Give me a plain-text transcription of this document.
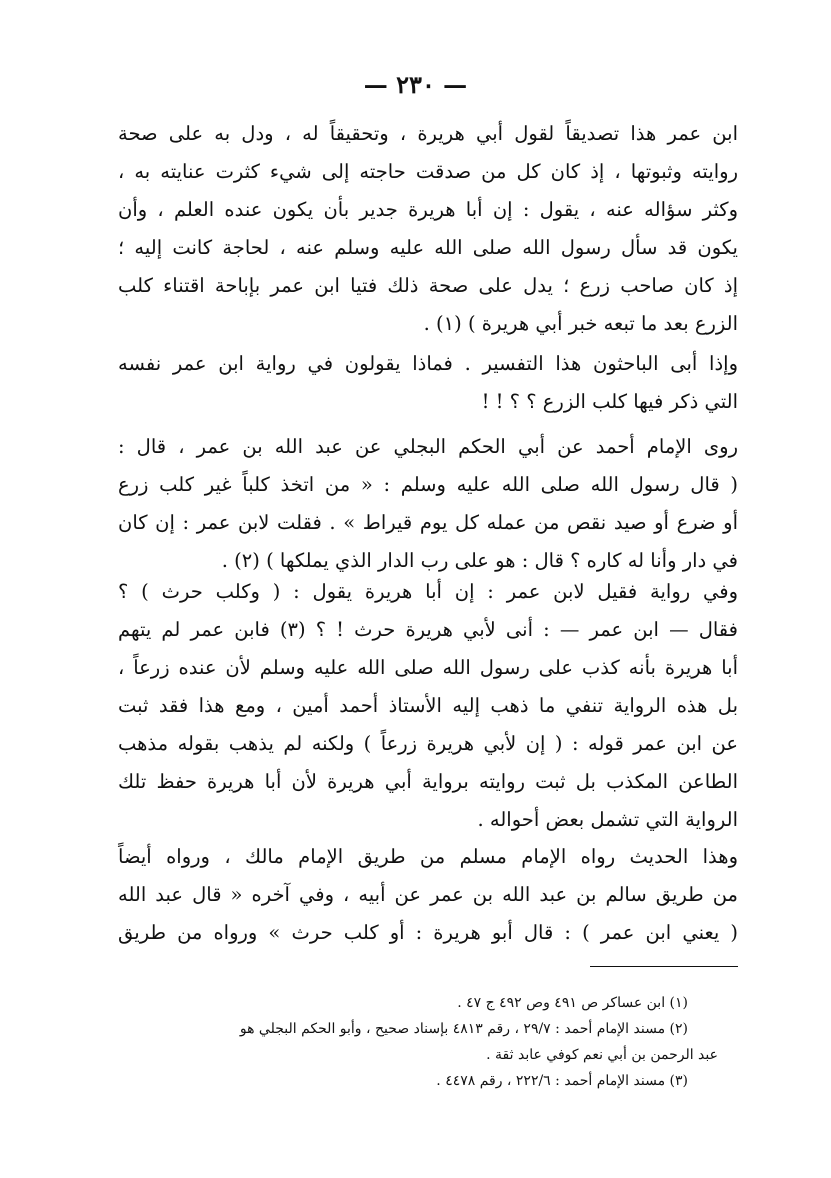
— ٢٣٠ —
ابن عمر هذا تصديقاً لقول أبي هريرة ، وتحقيقاً له ، ودل به على صحة
روايته وثبوتها ، إذ كان كل من صدقت حاجته إلى شيء كثرت عنايته به ،
وكثر سؤاله عنه ، يقول : إن أبا هريرة جدير بأن يكون عنده العلم ، وأن
يكون قد سأل رسول الله صلى الله عليه وسلم عنه ، لحاجة كانت إليه ؛
إذ كان صاحب زرع ؛ يدل على صحة ذلك فتيا ابن عمر بإباحة اقتناء كلب
الزرع بعد ما تبعه خبر أبي هريرة ) (١) .
وإذا أبى الباحثون هذا التفسير . فماذا يقولون في رواية ابن عمر نفسه
التي ذكر فيها كلب الزرع ؟ ؟ ! !
روى الإمام أحمد عن أبي الحكم البجلي عن عبد الله بن عمر ، قال :
( قال رسول الله صلى الله عليه وسلم : « من اتخذ كلباً غير كلب زرع
أو ضرع أو صيد نقص من عمله كل يوم قيراط » . فقلت لابن عمر : إن كان
في دار وأنا له كاره ؟ قال : هو على رب الدار الذي يملكها ) (٢) .
وفي رواية فقيل لابن عمر : إن أبا هريرة يقول : ( وكلب حرث ) ؟
فقال — ابن عمر — : أنى لأبي هريرة حرث ! ؟ (٣) فابن عمر لم يتهم
أبا هريرة بأنه كذب على رسول الله صلى الله عليه وسلم لأن عنده زرعاً ،
بل هذه الرواية تنفي ما ذهب إليه الأستاذ أحمد أمين ، ومع هذا فقد ثبت
عن ابن عمر قوله : ( إن لأبي هريرة زرعاً ) ولكنه لم يذهب بقوله مذهب
الطاعن المكذب بل ثبت روايته برواية أبي هريرة لأن أبا هريرة حفظ تلك
الرواية التي تشمل بعض أحواله .
وهذا الحديث رواه الإمام مسلم من طريق الإمام مالك ، ورواه أيضاً
من طريق سالم بن عبد الله بن عمر عن أبيه ، وفي آخره « قال عبد الله
( يعني ابن عمر ) : قال أبو هريرة : أو كلب حرث » ورواه من طريق
(١) ابن عساكر ص ٤٩١ وص ٤٩٢ ج ٤٧ .
(٢) مسند الإمام أحمد : ٢٩/٧ ، رقم ٤٨١٣ بإسناد صحيح ، وأبو الحكم البجلي هو
عبد الرحمن بن أبي نعم كوفي عابد ثقة .
(٣) مسند الإمام أحمد : ٢٢٢/٦ ، رقم ٤٤٧٨ .
